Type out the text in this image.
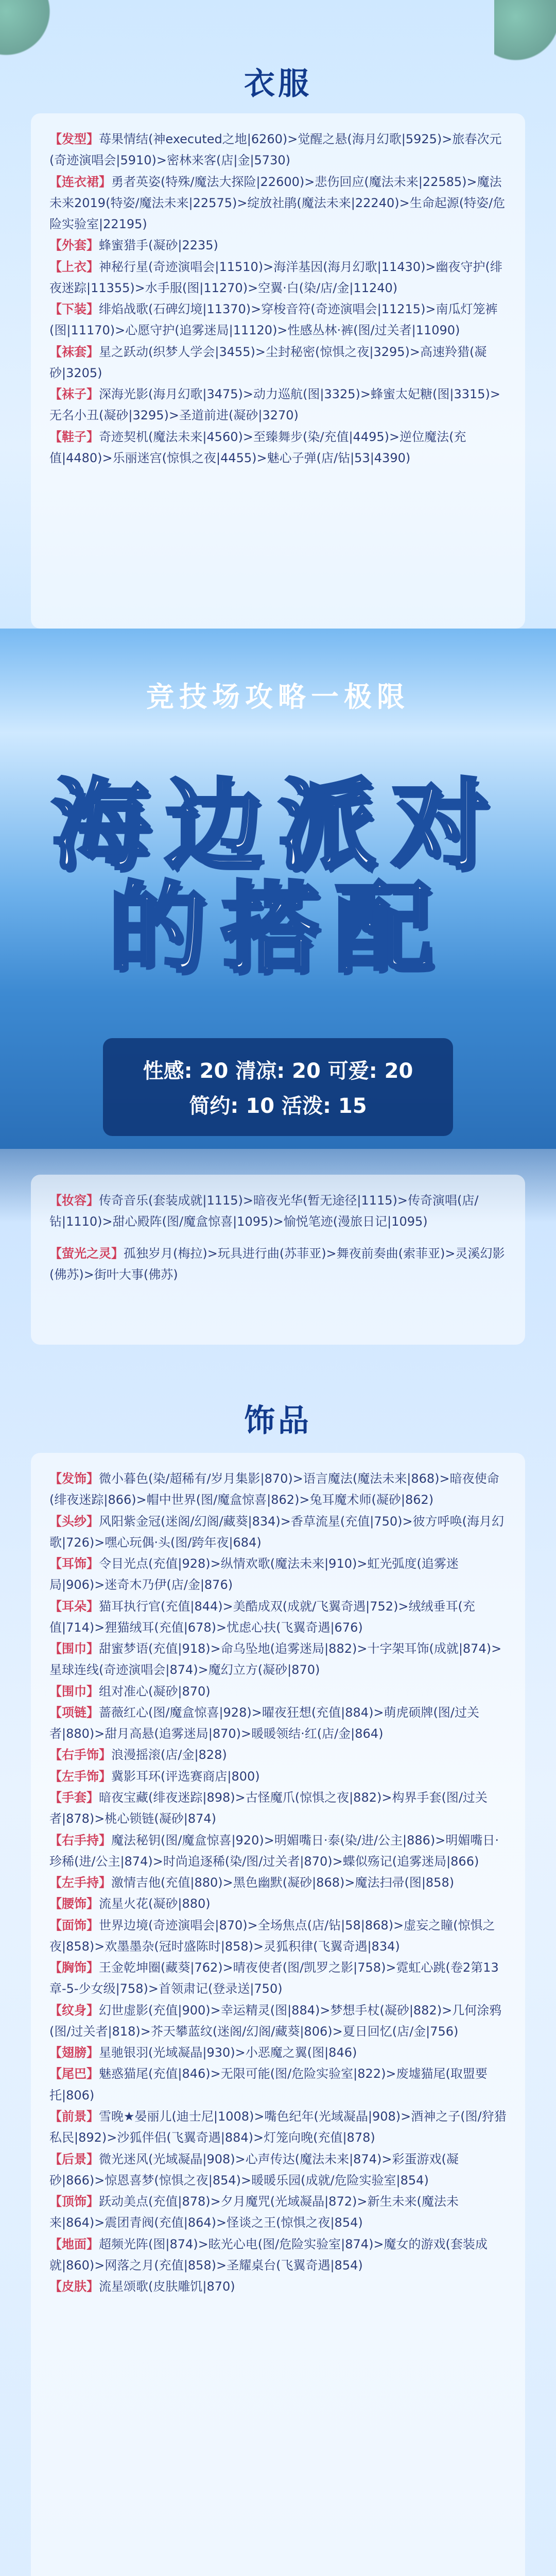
衣服

【发型】苺果情结(神executed之地|6260)>觉醒之悬(海月幻歌|5925)>旅春次元(奇迹演唱会|5910)>密林来客(店|金|5730)

【连衣裙】勇者英姿(特殊/魔法大探险|22600)>悲伤回应(魔法未来|22585)>魔法未来2019(特姿/魔法未来|22575)>绽放社鹃(魔法未来|22240)>生命起源(特姿/危险实验室|22195)

【外套】蜂蜜猎手(凝砂|2235)

【上衣】神秘行星(奇迹演唱会|11510)>海洋基因(海月幻歌|11430)>幽夜守护(绯夜迷踪|11355)>水手服(图|11270)>空翼·白(染/店/金|11240)

【下装】绯焰战歌(石碑幻境|11370)>穿梭音符(奇迹演唱会|11215)>南瓜灯笼裤(图|11170)>心愿守护(追雾迷局|11120)>性感丛林·裤(图/过关者|11090)

【袜套】星之跃动(织梦人学会|3455)>尘封秘密(惊惧之夜|3295)>高速羚猎(凝砂|3205)

【袜子】深海光影(海月幻歌|3475)>动力巡航(图|3325)>蜂蜜太妃糖(图|3315)>无名小丑(凝砂|3295)>圣道前进(凝砂|3270)

【鞋子】奇迹契机(魔法未来|4560)>至臻舞步(染/充值|4495)>逆位魔法(充值|4480)>乐丽迷宫(惊惧之夜|4455)>魅心子弹(店/钻|53|4390)

竞技场攻略一极限
海边派对
的搭配
性感: 20 清凉: 20 可爱: 20
简约: 10 活泼: 15

【妆容】传奇音乐(套装成就|1115)>暗夜光华(暂无途径|1115)>传奇演唱(店/钻|1110)>甜心殿阵(图/魔盒惊喜|1095)>愉悦笔迹(漫旅日记|1095)

【萤光之灵】孤独岁月(梅拉)>玩具进行曲(苏菲亚)>舞夜前奏曲(索菲亚)>灵溪幻影(佛苏)>街叶大事(佛苏)

饰品

【发饰】微小暮色(染/超稀有/岁月集影|870)>语言魔法(魔法未来|868)>暗夜使命(绯夜迷踪|866)>帽中世界(图/魔盒惊喜|862)>兔耳魔术师(凝砂|862)

【头纱】风阳紫金冠(迷阁/幻阁/藏葵|834)>香草流星(充值|750)>彼方呼唤(海月幻歌|726)>嘿心玩偶·头(图/跨年夜|684)

【耳饰】令目光点(充值|928)>纵情欢歌(魔法未来|910)>虹光弧度(追雾迷局|906)>迷奇木乃伊(店/金|876)

【耳朵】猫耳执行官(充值|844)>美酷成双(成就/飞翼奇遇|752)>绒绒垂耳(充值|714)>狸猫绒耳(充值|678)>忧虑心扶(飞翼奇遇|676)

【围巾】甜蜜梦语(充值|918)>命乌坠地(追雾迷局|882)>十字架耳饰(成就|874)>星球连线(奇迹演唱会|874)>魔幻立方(凝砂|870)

【围巾】组对准心(凝砂|870)

【项链】蔷薇红心(图/魔盒惊喜|928)>曜夜狂想(充值|884)>萌虎硕牌(图/过关者|880)>甜月高悬(追雾迷局|870)>暖暖领结·红(店/金|864)

【右手饰】浪漫摇滚(店/金|828)

【左手饰】冀影耳环(评选赛商店|800)

【手套】暗夜宝藏(绯夜迷踪|898)>古怪魔爪(惊惧之夜|882)>构界手套(图/过关者|878)>桃心锁链(凝砂|874)

【右手持】魔法秘钥(图/魔盒惊喜|920)>明媚嘴日·泰(染/进/公主|886)>明媚嘴日·珍稀(进/公主|874)>时尚追逐稀(染/图/过关者|870)>蝶似殇记(追雾迷局|866)

【左手持】激情吉他(充值|880)>黑色幽默(凝砂|868)>魔法扫帚(图|858)

【腰饰】流星火花(凝砂|880)

【面饰】世界边境(奇迹演唱会|870)>全场焦点(店/钻|58|868)>虚妄之瞳(惊惧之夜|858)>欢墨墨杂(冠时盛陈时|858)>灵狐积律(飞翼奇遇|834)

【胸饰】王金乾坤圈(藏葵|762)>晴夜使者(图/凯罗之影|758)>霓虹心跳(卷2第13章-5-少女级|758)>首领肃记(登录送|750)

【纹身】幻世虚影(充值|900)>幸运精灵(图|884)>梦想手杖(凝砂|882)>几何涂鸦(图/过关者|818)>芥天攀蓝纹(迷阁/幻阁/藏葵|806)>夏日回忆(店/金|756)

【翅膀】星驰银羽(光域凝晶|930)>小恶魔之翼(图|846)

【尾巴】魅惑猫尾(充值|846)>无限可能(图/危险实验室|822)>废墟猫尾(取盟要托|806)

【前景】雪晚★晏丽儿(迪士尼|1008)>嘴色纪年(光域凝晶|908)>酒神之子(图/狩猎私民|892)>沙狐伴侣(飞翼奇遇|884)>灯笼向晚(充值|878)

【后景】微光迷风(光域凝晶|908)>心声传达(魔法未来|874)>彩蛋游戏(凝砂|866)>惊恩喜梦(惊惧之夜|854)>暖暖乐园(成就/危险实验室|854)

【顶饰】跃动美点(充值|878)>夕月魔咒(光域凝晶|872)>新生未来(魔法未来|864)>震团青阀(充值|864)>怪谈之王(惊惧之夜|854)

【地面】超频光阵(图|874)>眩光心电(图/危险实验室|874)>魔女的游戏(套装成就|860)>网落之月(充值|858)>圣耀桌台(飞翼奇遇|854)

【皮肤】流星颂歌(皮肤雕饥|870)
